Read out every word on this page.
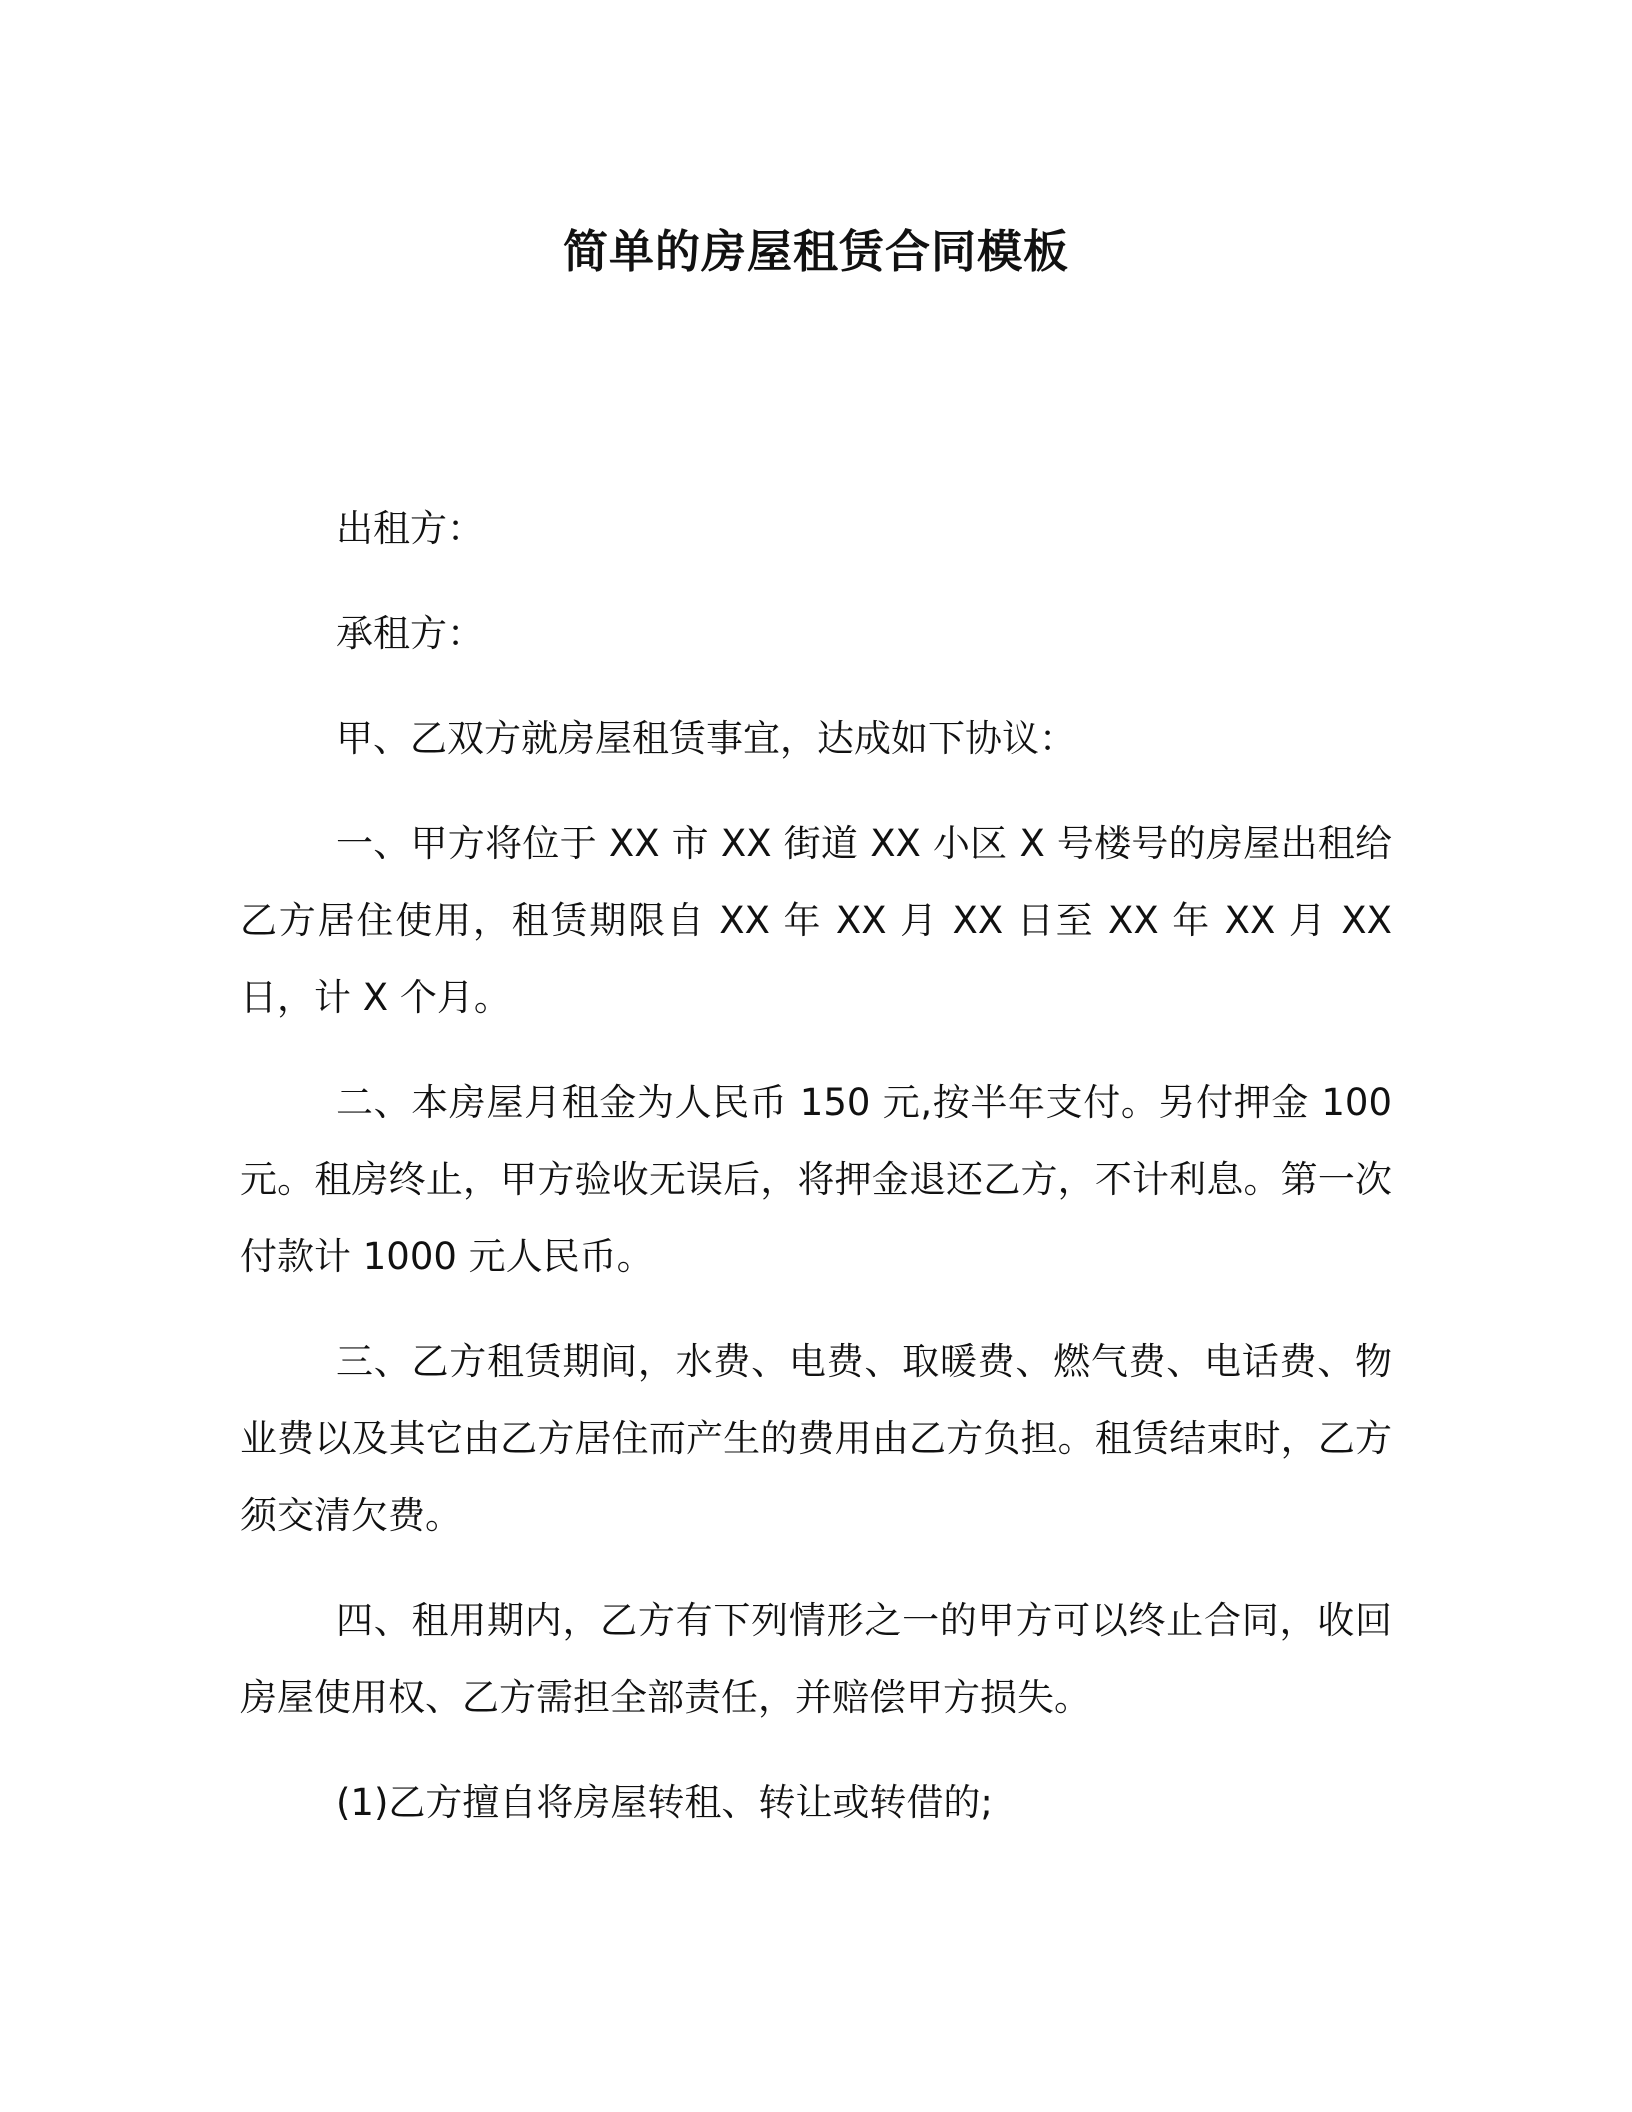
简单的房屋租赁合同模板

出租方：

承租方：

甲、乙双方就房屋租赁事宜，达成如下协议：

一、甲方将位于 XX 市 XX 街道 XX 小区 X 号楼号的房屋出租给乙方居住使用，租赁期限自 XX 年 XX 月 XX 日至 XX 年 XX 月 XX 日，计 X 个月。

二、本房屋月租金为人民币 150 元,按半年支付。另付押金 100 元。租房终止，甲方验收无误后，将押金退还乙方，不计利息。第一次付款计 1000 元人民币。

三、乙方租赁期间，水费、电费、取暖费、燃气费、电话费、物业费以及其它由乙方居住而产生的费用由乙方负担。租赁结束时，乙方须交清欠费。

四、租用期内，乙方有下列情形之一的甲方可以终止合同，收回房屋使用权、乙方需担全部责任，并赔偿甲方损失。

(1)乙方擅自将房屋转租、转让或转借的;
